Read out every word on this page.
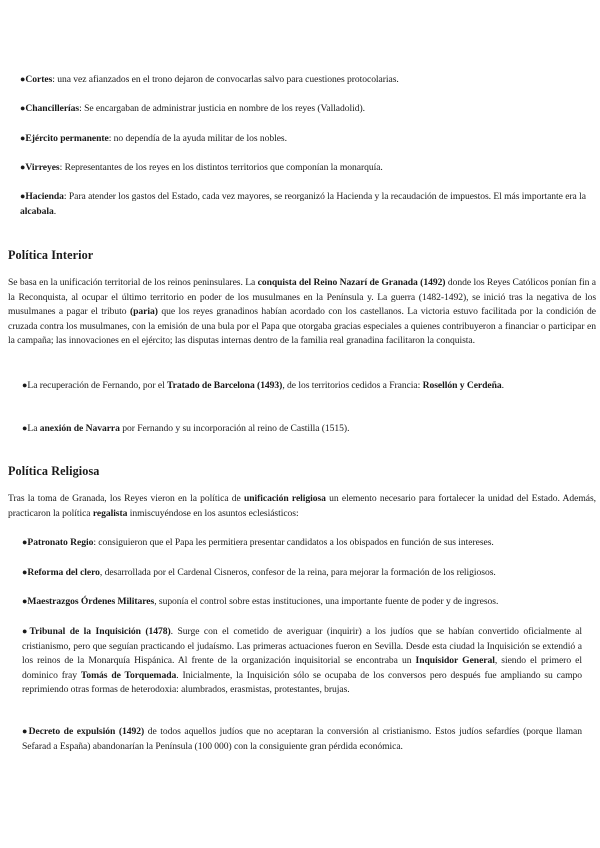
●Cortes: una vez afianzados en el trono dejaron de convocarlas salvo para cuestiones protocolarias.
●Chancillerías: Se encargaban de administrar justicia en nombre de los reyes (Valladolid).
●Ejército permanente: no dependía de la ayuda militar de los nobles.
●Virreyes: Representantes de los reyes en los distintos territorios que componían la monarquía.
●Hacienda: Para atender los gastos del Estado, cada vez mayores, se reorganizó la Hacienda y la recaudación de impuestos. El más importante era la alcabala.
Política Interior
Se basa en la unificación territorial de los reinos peninsulares. La conquista del Reino Nazarí de Granada (1492) donde los Reyes Católicos ponían fin a la Reconquista, al ocupar el último territorio en poder de los musulmanes en la Península y. La guerra (1482-1492), se inició tras la negativa de los musulmanes a pagar el tributo (paria) que los reyes granadinos habían acordado con los castellanos. La victoria estuvo facilitada por la condición de cruzada contra los musulmanes, con la emisión de una bula por el Papa que otorgaba gracias especiales a quienes contribuyeron a financiar o participar en la campaña; las innovaciones en el ejército; las disputas internas dentro de la familia real granadina facilitaron la conquista.
●La recuperación de Fernando, por el Tratado de Barcelona (1493), de los territorios cedidos a Francia: Rosellón y Cerdeña.
●La anexión de Navarra por Fernando y su incorporación al reino de Castilla (1515).
Política Religiosa
Tras la toma de Granada, los Reyes vieron en la política de unificación religiosa un elemento necesario para fortalecer la unidad del Estado. Además, practicaron la política regalista inmiscuyéndose en los asuntos eclesiásticos:
●Patronato Regio: consiguieron que el Papa les permitiera presentar candidatos a los obispados en función de sus intereses.
●Reforma del clero, desarrollada por el Cardenal Cisneros, confesor de la reina, para mejorar la formación de los religiosos.
●Maestrazgos Órdenes Militares, suponía el control sobre estas instituciones, una importante fuente de poder y de ingresos.
●Tribunal de la Inquisición (1478). Surge con el cometido de averiguar (inquirir) a los judíos que se habían convertido oficialmente al cristianismo, pero que seguían practicando el judaísmo. Las primeras actuaciones fueron en Sevilla. Desde esta ciudad la Inquisición se extendió a los reinos de la Monarquía Hispánica. Al frente de la organización inquisitorial se encontraba un Inquisidor General, siendo el primero el dominico fray Tomás de Torquemada. Inicialmente, la Inquisición sólo se ocupaba de los conversos pero después fue ampliando su campo reprimiendo otras formas de heterodoxia: alumbrados, erasmistas, protestantes, brujas.
●Decreto de expulsión (1492) de todos aquellos judíos que no aceptaran la conversión al cristianismo. Estos judíos sefardíes (porque llaman Sefarad a España) abandonarían la Península (100 000) con la consiguiente gran pérdida económica.
